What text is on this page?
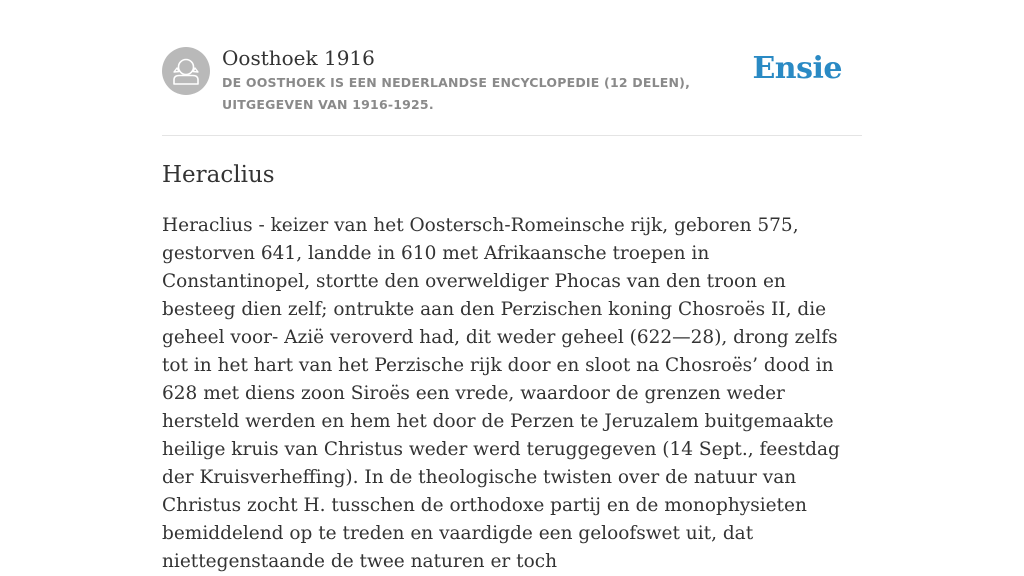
Oosthoek 1916
DE OOSTHOEK IS EEN NEDERLANDSE ENCYCLOPEDIE (12 DELEN), UITGEGEVEN VAN 1916-1925.
Ensie
Heraclius

Heraclius - keizer van het Oostersch-Romeinsche rijk, geboren 575, gestorven 641, landde in 610 met Afrikaansche troepen in Constantinopel, stortte den overweldiger Phocas van den troon en besteeg dien zelf; ontrukte aan den Perzischen koning Chosroës II, die geheel voor- Azië veroverd had, dit weder geheel (622—28), drong zelfs tot in het hart van het Perzische rijk door en sloot na Chosroës’ dood in 628 met diens zoon Siroës een vrede, waardoor de grenzen weder hersteld werden en hem het door de Perzen te Jeruzalem buitgemaakte heilige kruis van Christus weder werd teruggegeven (14 Sept., feestdag der Kruisverheffing). In de theologische twisten over de natuur van Christus zocht H. tusschen de orthodoxe partij en de monophysieten bemiddelend op te treden en vaardigde een geloofswet uit, dat niettegenstaande de twee naturen er toch
